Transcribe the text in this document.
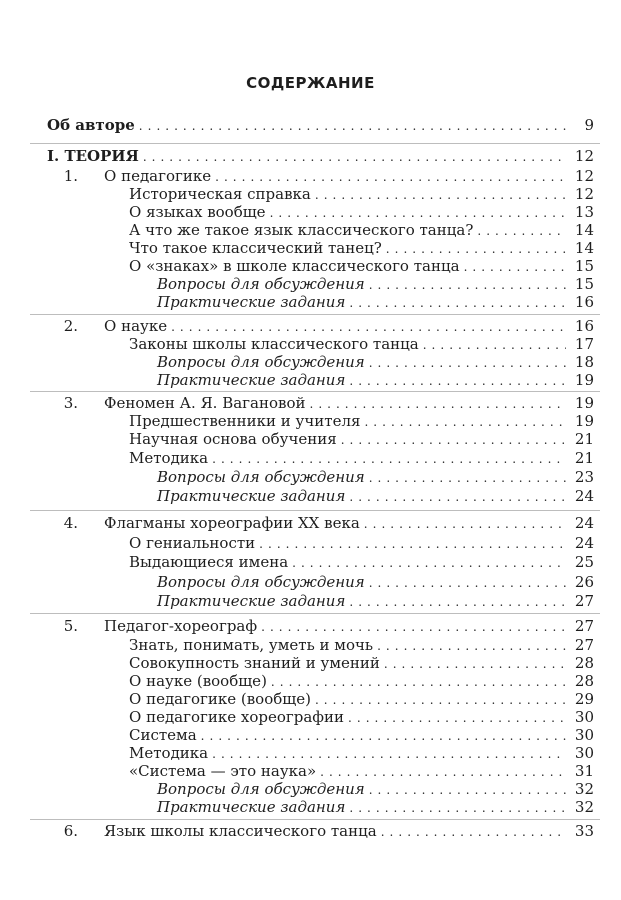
СОДЕРЖАНИЕ
Об авторе . . .	9
I. ТЕОРИЯ . . .	12
1. О педагогике . . .	12
Историческая справка . . .	12
О языках вообще . . .	13
А что же такое язык классического танца? . . .	14
Что такое классический танец? . . .	14
О «знаках» в школе классического танца . . .	15
Вопросы для обсуждения . . .	15
Практические задания . . .	16
2. О науке . . .	16
Законы школы классического танца . . .	17
Вопросы для обсуждения . . .	18
Практические задания . . .	19
3. Феномен А. Я. Вагановой . . .	19
Предшественники и учителя . . .	19
Научная основа обучения . . .	21
Методика . . .	21
Вопросы для обсуждения . . .	23
Практические задания . . .	24
4. Флагманы хореографии XX века . . .	24
О гениальности . . .	24
Выдающиеся имена . . .	25
Вопросы для обсуждения . . .	26
Практические задания . . .	27
5. Педагог-хореограф . . .	27
Знать, понимать, уметь и мочь . . .	27
Совокупность знаний и умений . . .	28
О науке (вообще) . . .	28
О педагогике (вообще) . . .	29
О педагогике хореографии . . .	30
Система . . .	30
Методика . . .	30
«Система — это наука» . . .	31
Вопросы для обсуждения . . .	32
Практические задания . . .	32
6. Язык школы классического танца . . .	33
